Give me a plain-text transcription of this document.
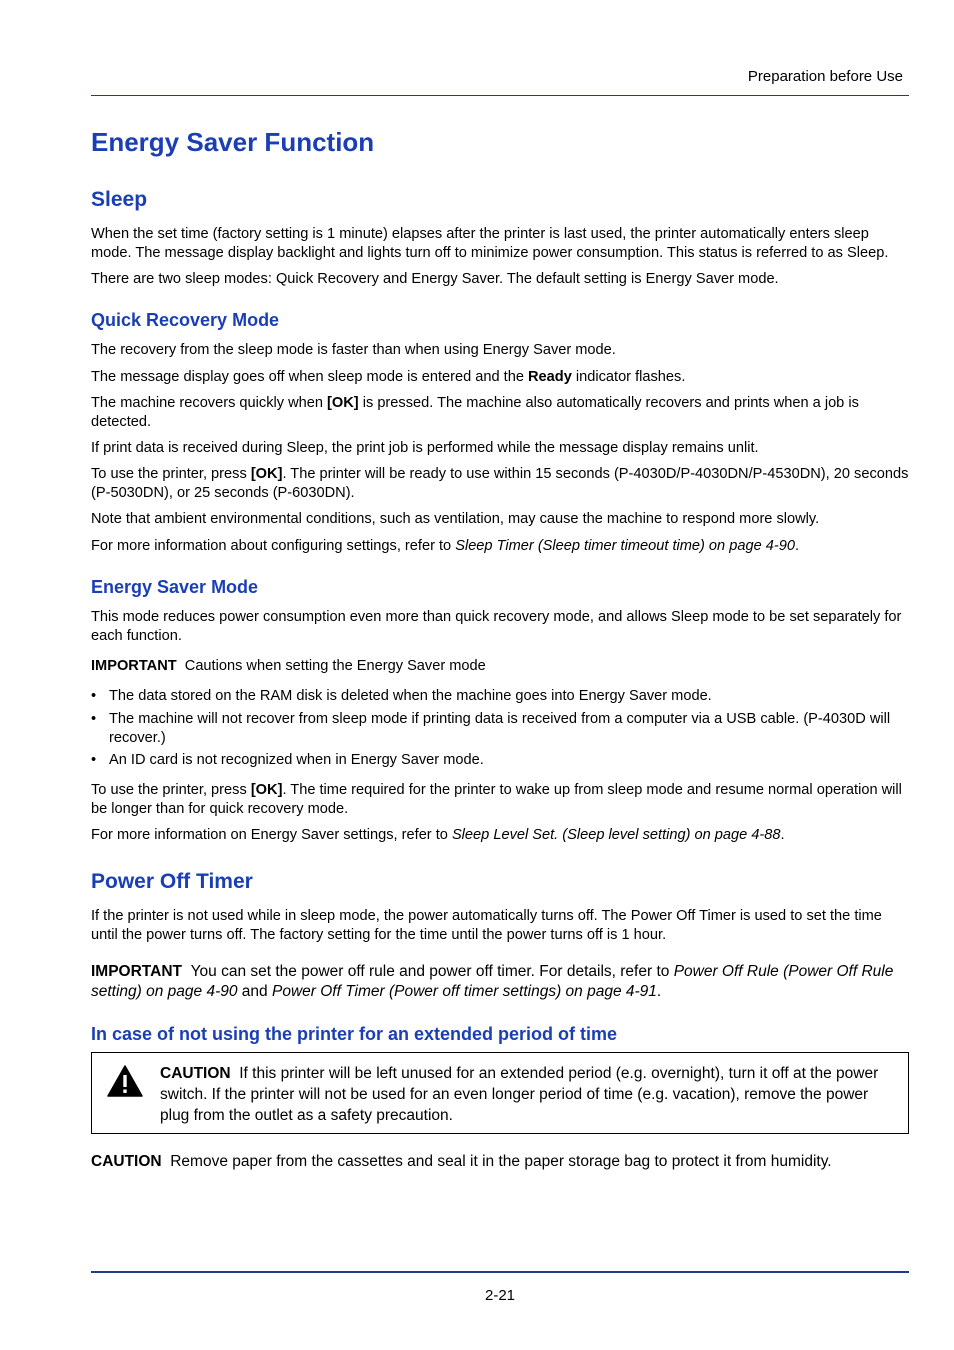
Preparation before Use
Energy Saver Function
Sleep
When the set time (factory setting is 1 minute) elapses after the printer is last used, the printer automatically enters sleep mode. The message display backlight and lights turn off to minimize power consumption. This status is referred to as Sleep.
There are two sleep modes: Quick Recovery and Energy Saver. The default setting is Energy Saver mode.
Quick Recovery Mode
The recovery from the sleep mode is faster than when using Energy Saver mode.
The message display goes off when sleep mode is entered and the Ready indicator flashes.
The machine recovers quickly when [OK] is pressed. The machine also automatically recovers and prints when a job is detected.
If print data is received during Sleep, the print job is performed while the message display remains unlit.
To use the printer, press [OK]. The printer will be ready to use within 15 seconds (P-4030D/P-4030DN/P-4530DN), 20 seconds (P-5030DN), or 25 seconds (P-6030DN).
Note that ambient environmental conditions, such as ventilation, may cause the machine to respond more slowly.
For more information about configuring settings, refer to Sleep Timer (Sleep timer timeout time) on page 4-90.
Energy Saver Mode
This mode reduces power consumption even more than quick recovery mode, and allows Sleep mode to be set separately for each function.
IMPORTANT Cautions when setting the Energy Saver mode
• The data stored on the RAM disk is deleted when the machine goes into Energy Saver mode.
• The machine will not recover from sleep mode if printing data is received from a computer via a USB cable. (P-4030D will recover.)
• An ID card is not recognized when in Energy Saver mode.
To use the printer, press [OK]. The time required for the printer to wake up from sleep mode and resume normal operation will be longer than for quick recovery mode.
For more information on Energy Saver settings, refer to Sleep Level Set. (Sleep level setting) on page 4-88.
Power Off Timer
If the printer is not used while in sleep mode, the power automatically turns off. The Power Off Timer is used to set the time until the power turns off. The factory setting for the time until the power turns off is 1 hour.
IMPORTANT You can set the power off rule and power off timer. For details, refer to Power Off Rule (Power Off Rule setting) on page 4-90 and Power Off Timer (Power off timer settings) on page 4-91.
In case of not using the printer for an extended period of time
CAUTION If this printer will be left unused for an extended period (e.g. overnight), turn it off at the power switch. If the printer will not be used for an even longer period of time (e.g. vacation), remove the power plug from the outlet as a safety precaution.
CAUTION Remove paper from the cassettes and seal it in the paper storage bag to protect it from humidity.
2-21
